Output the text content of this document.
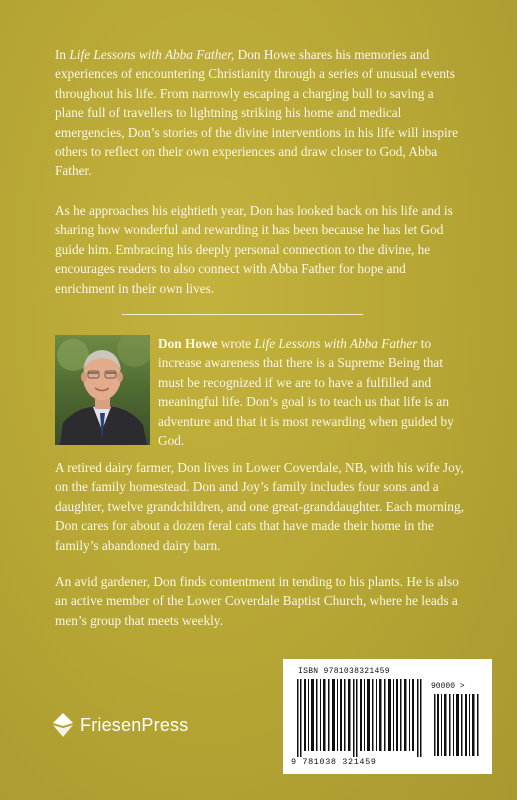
In Life Lessons with Abba Father, Don Howe shares his memories and experiences of encountering Christianity through a series of unusual events throughout his life. From narrowly escaping a charging bull to saving a plane full of travellers to lightning striking his home and medical emergencies, Don’s stories of the divine interventions in his life will inspire others to reflect on their own experiences and draw closer to God, Abba Father.

As he approaches his eightieth year, Don has looked back on his life and is sharing how wonderful and rewarding it has been because he has let God guide him. Embracing his deeply personal connection to the divine, he encourages readers to also connect with Abba Father for hope and enrichment in their own lives.

Don Howe wrote Life Lessons with Abba Father to increase awareness that there is a Supreme Being that must be recognized if we are to have a fulfilled and meaningful life. Don’s goal is to teach us that life is an adventure and that it is most rewarding when guided by God.

A retired dairy farmer, Don lives in Lower Coverdale, NB, with his wife Joy, on the family homestead. Don and Joy’s family includes four sons and a daughter, twelve grandchildren, and one great-granddaughter. Each morning, Don cares for about a dozen feral cats that have made their home in the family’s abandoned dairy barn.

An avid gardener, Don finds contentment in tending to his plants. He is also an active member of the Lower Coverdale Baptist Church, where he leads a men’s group that meets weekly.

FriesenPress
ISBN 9781038321459
90000 >
9 781038 321459
